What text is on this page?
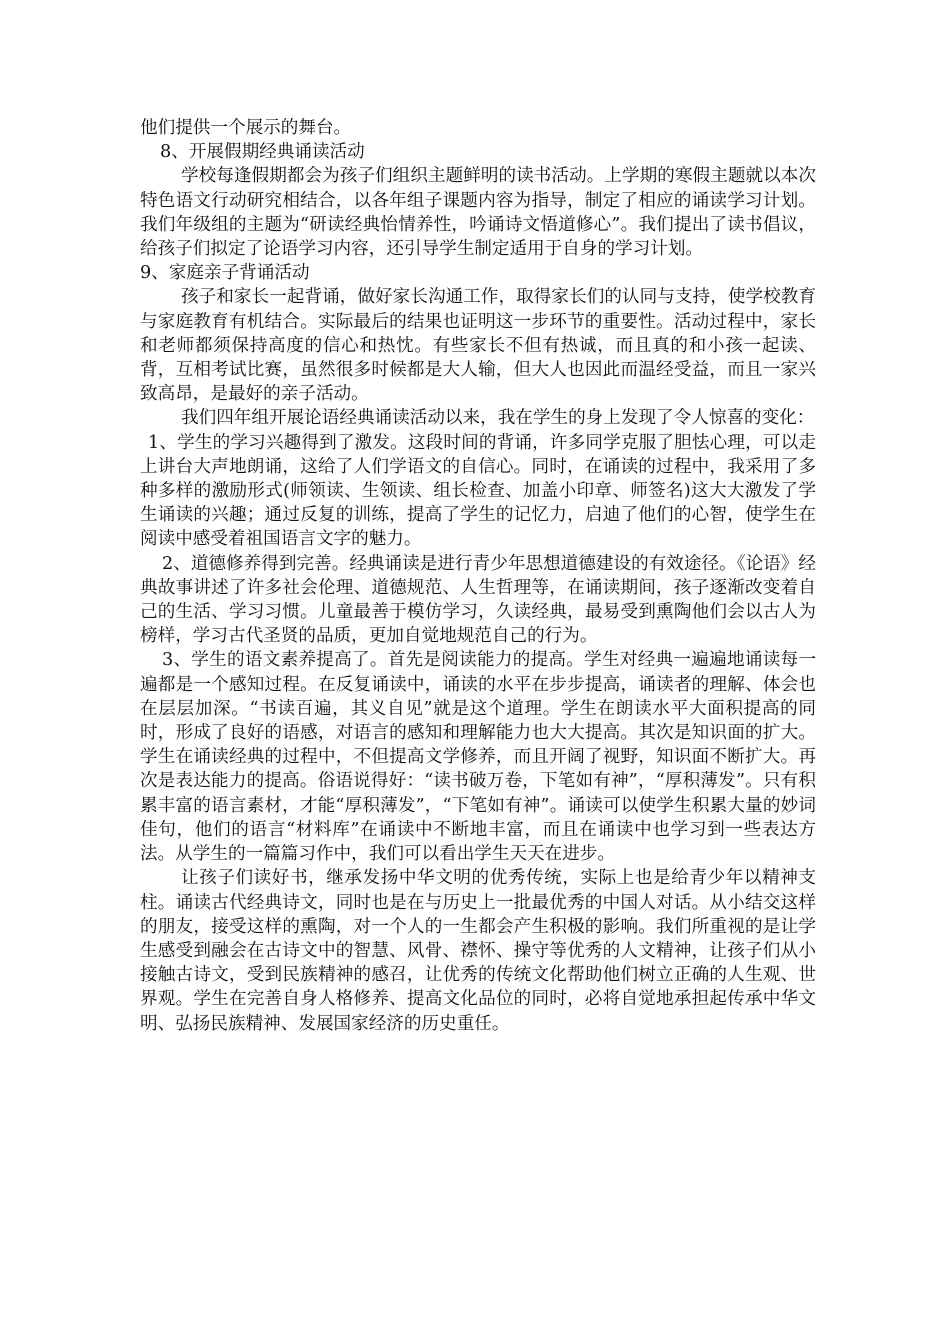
他们提供一个展示的舞台。

8、开展假期经典诵读活动

学校每逢假期都会为孩子们组织主题鲜明的读书活动。上学期的寒假主题就以本次特色语文行动研究相结合，以各年组子课题内容为指导，制定了相应的诵读学习计划。我们年级组的主题为“研读经典怡情养性，吟诵诗文悟道修心”。我们提出了读书倡议，给孩子们拟定了论语学习内容，还引导学生制定适用于自身的学习计划。

9、家庭亲子背诵活动

孩子和家长一起背诵，做好家长沟通工作，取得家长们的认同与支持，使学校教育与家庭教育有机结合。实际最后的结果也证明这一步环节的重要性。活动过程中，家长和老师都须保持高度的信心和热忱。有些家长不但有热诚，而且真的和小孩一起读、背，互相考试比赛，虽然很多时候都是大人输，但大人也因此而温经受益，而且一家兴致高昂，是最好的亲子活动。

我们四年组开展论语经典诵读活动以来，我在学生的身上发现了令人惊喜的变化：

1、学生的学习兴趣得到了激发。这段时间的背诵，许多同学克服了胆怯心理，可以走上讲台大声地朗诵，这给了人们学语文的自信心。同时，在诵读的过程中，我采用了多种多样的激励形式(师领读、生领读、组长检查、加盖小印章、师签名)这大大激发了学生诵读的兴趣；通过反复的训练，提高了学生的记忆力，启迪了他们的心智，使学生在阅读中感受着祖国语言文字的魅力。

2、道德修养得到完善。经典诵读是进行青少年思想道德建设的有效途径。《论语》经典故事讲述了许多社会伦理、道德规范、人生哲理等，在诵读期间，孩子逐渐改变着自己的生活、学习习惯。儿童最善于模仿学习，久读经典，最易受到熏陶他们会以古人为榜样，学习古代圣贤的品质，更加自觉地规范自己的行为。

3、学生的语文素养提高了。首先是阅读能力的提高。学生对经典一遍遍地诵读每一遍都是一个感知过程。在反复诵读中，诵读的水平在步步提高，诵读者的理解、体会也在层层加深。“书读百遍，其义自见”就是这个道理。学生在朗读水平大面积提高的同时，形成了良好的语感，对语言的感知和理解能力也大大提高。其次是知识面的扩大。学生在诵读经典的过程中，不但提高文学修养，而且开阔了视野，知识面不断扩大。再次是表达能力的提高。俗语说得好：“读书破万卷，下笔如有神”，“厚积薄发”。只有积累丰富的语言素材，才能“厚积薄发”，“下笔如有神”。诵读可以使学生积累大量的妙词佳句，他们的语言“材料库”在诵读中不断地丰富，而且在诵读中也学习到一些表达方法。从学生的一篇篇习作中，我们可以看出学生天天在进步。

让孩子们读好书，继承发扬中华文明的优秀传统，实际上也是给青少年以精神支柱。诵读古代经典诗文，同时也是在与历史上一批最优秀的中国人对话。从小结交这样的朋友，接受这样的熏陶，对一个人的一生都会产生积极的影响。我们所重视的是让学生感受到融会在古诗文中的智慧、风骨、襟怀、操守等优秀的人文精神，让孩子们从小接触古诗文，受到民族精神的感召，让优秀的传统文化帮助他们树立正确的人生观、世界观。学生在完善自身人格修养、提高文化品位的同时，必将自觉地承担起传承中华文明、弘扬民族精神、发展国家经济的历史重任。
